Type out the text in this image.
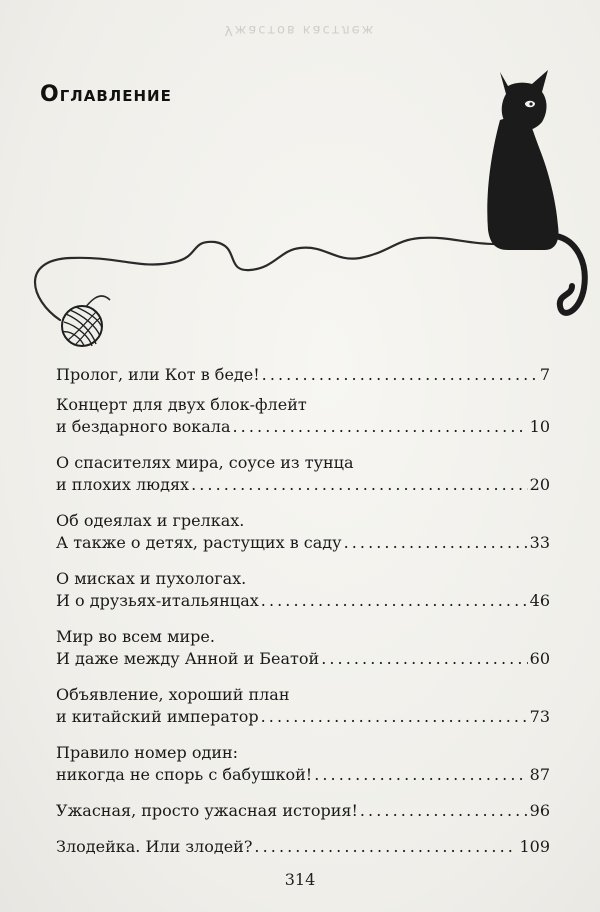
Ужастов кастлеж
Оглавление
Пролог, или Кот в беде! . . .	7
Концерт для двух блок-флейт
и бездарного вокала . . .	10
О спасителях мира, соусе из тунца
и плохих людях . . .	20
Об одеялах и грелках.
А также о детях, растущих в саду . . .	33
О мисках и пухологах.
И о друзьях-итальянцах . . .	46
Мир во всем мире.
И даже между Анной и Беатой . . .	60
Объявление, хороший план
и китайский император . . .	73
Правило номер один:
никогда не спорь с бабушкой! . . .	87
Ужасная, просто ужасная история! . . .	96
Злодейка. Или злодей? . . .	109
314
